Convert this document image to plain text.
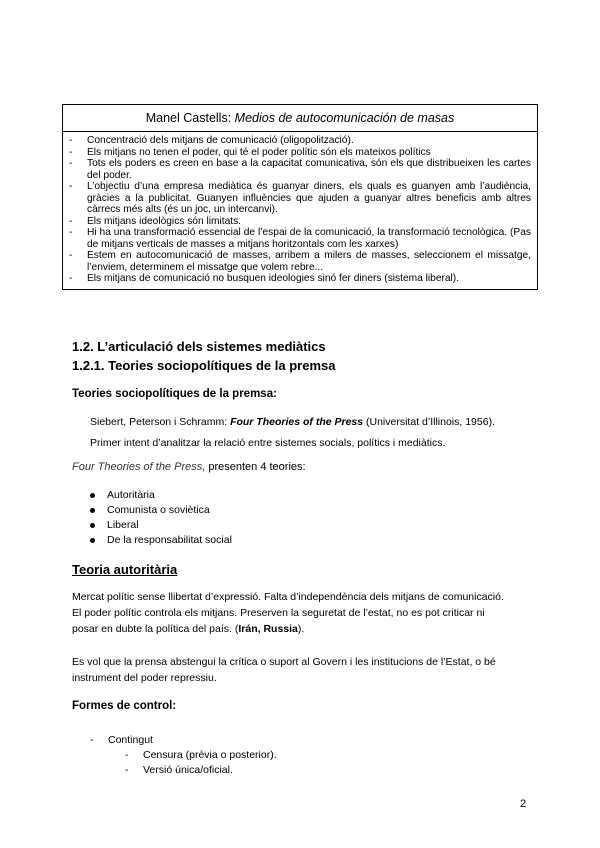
Manel Castells: Medios de autocomunicación de masas
- Concentració dels mitjans de comunicació (oligopolització).
- Els mitjans no tenen el poder, qui té el poder polític són els mateixos polítics
- Tots els poders es creen en base a la capacitat comunicativa, són els que distribueixen les cartes del poder.
- L’objectiu d’una empresa mediàtica és guanyar diners, els quals es guanyen amb l’audiència, gràcies a la publicitat. Guanyen influències que ajuden a guanyar altres beneficis amb altres càrrecs més alts (és un joc, un intercanvi).
- Els mitjans ideològics són limitats.
- Hi ha una transformació essencial de l’espai de la comunicació, la transformació tecnològica. (Pas de mitjans verticals de masses a mitjans horitzontals com les xarxes)
- Estem en autocomunicació de masses, arribem a milers de masses, seleccionem el missatge, l’enviem, determinem el missatge que volem rebre...
- Els mitjans de comunicació no busquen ideologies sinó fer diners (sistema liberal).
1.2. L’articulació dels sistemes mediàtics
1.2.1. Teories sociopolítiques de la premsa
Teories sociopolítiques de la premsa:
Siebert, Peterson i Schramm: Four Theories of the Press (Universitat d’Illinois, 1956).
Primer intent d’analitzar la relació entre sistemes socials, polítics i mediàtics.
Four Theories of the Press, presenten 4 teories:
Autoritària
Comunista o soviètica
Liberal
De la responsabilitat social
Teoria autoritària
Mercat polític sense llibertat d’expressió. Falta d’independència dels mitjans de comunicació.
El poder polític controla els mitjans. Preserven la seguretat de l’estat, no es pot criticar ni
posar en dubte la política del país. (Irán, Russia).
Es vol que la prensa abstengui la crítica o suport al Govern i les institucions de l’Estat, o bé
instrument del poder repressiu.
Formes de control:
- Contingut
- Censura (prèvia o posterior).
- Versió única/oficial.
2
